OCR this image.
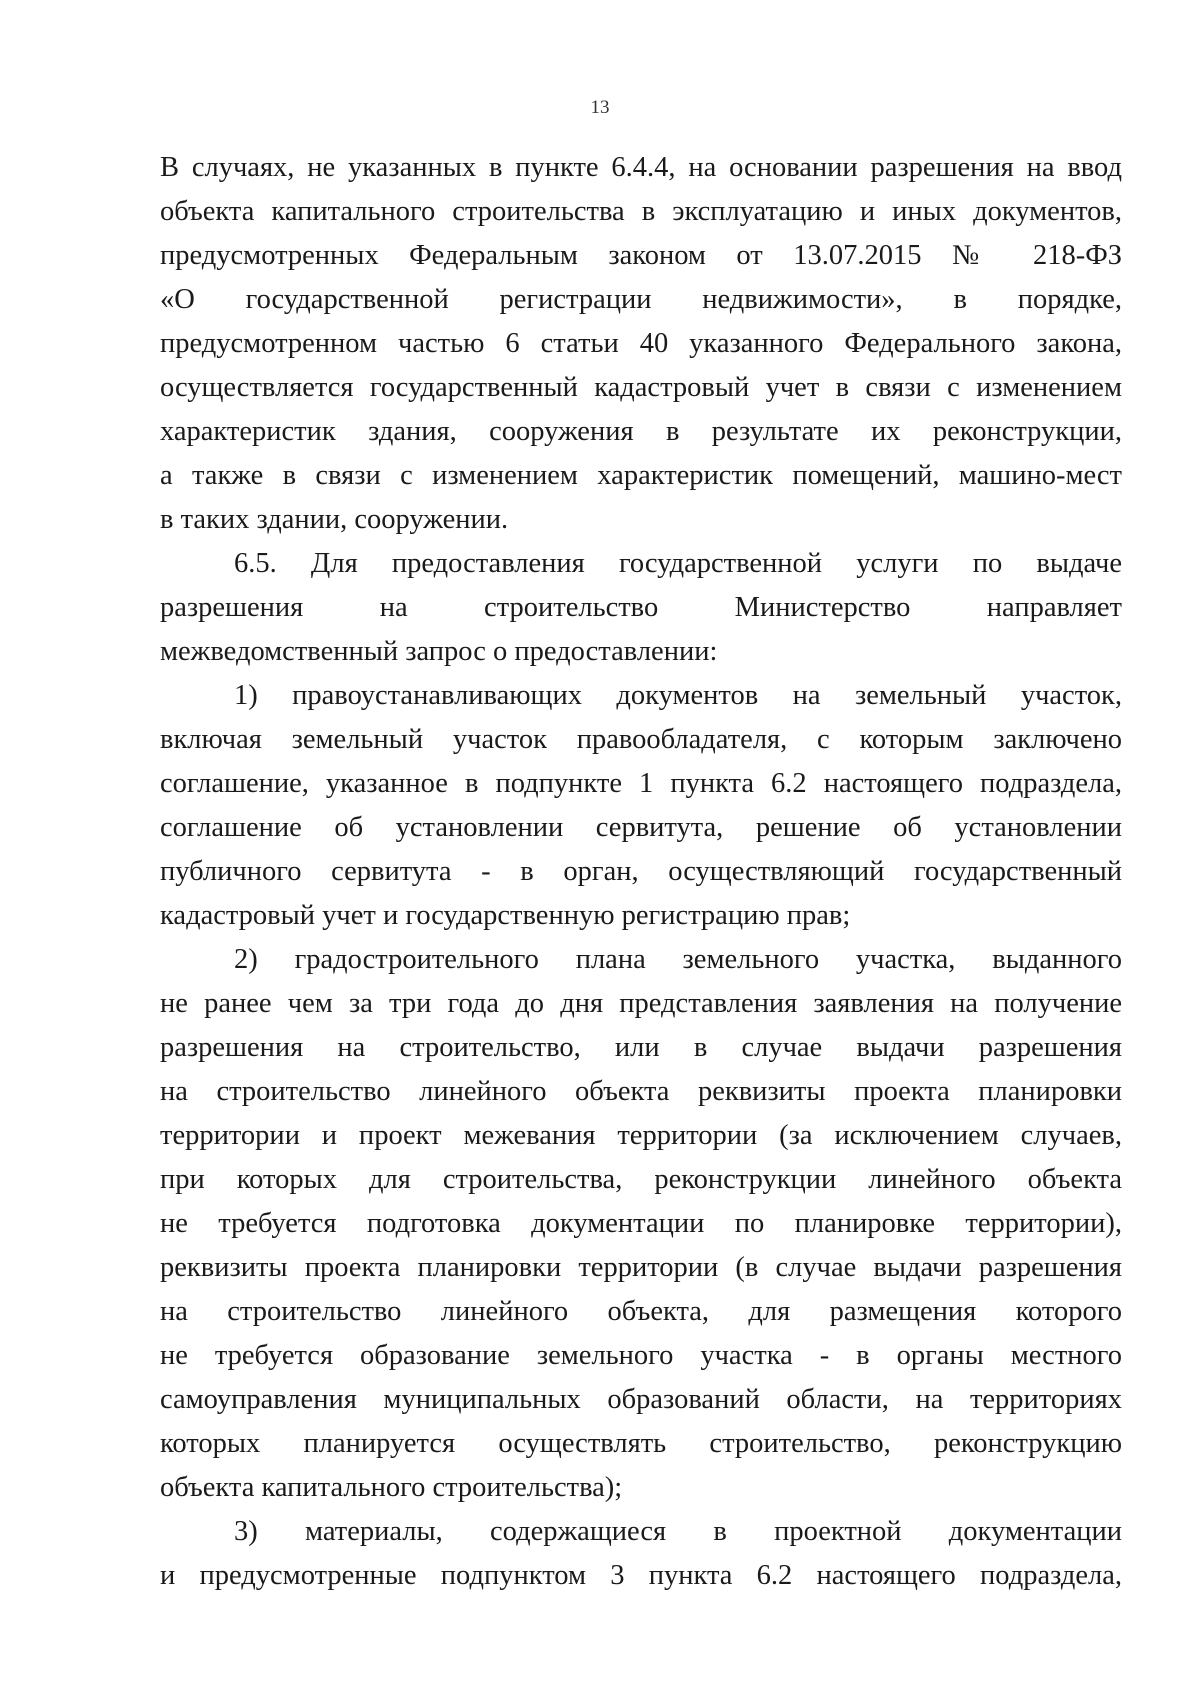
13

В случаях, не указанных в пункте 6.4.4, на основании разрешения на ввод
объекта капитального строительства в эксплуатацию и иных документов,
предусмотренных Федеральным законом от 13.07.2015 № 218-ФЗ
«О государственной регистрации недвижимости», в порядке,
предусмотренном частью 6 статьи 40 указанного Федерального закона,
осуществляется государственный кадастровый учет в связи с изменением
характеристик здания, сооружения в результате их реконструкции,
а также в связи с изменением характеристик помещений, машино-мест
в таких здании, сооружении.

6.5. Для предоставления государственной услуги по выдаче
разрешения на строительство Министерство направляет
межведомственный запрос о предоставлении:

1) правоустанавливающих документов на земельный участок,
включая земельный участок правообладателя, с которым заключено
соглашение, указанное в подпункте 1 пункта 6.2 настоящего подраздела,
соглашение об установлении сервитута, решение об установлении
публичного сервитута - в орган, осуществляющий государственный
кадастровый учет и государственную регистрацию прав;

2) градостроительного плана земельного участка, выданного
не ранее чем за три года до дня представления заявления на получение
разрешения на строительство, или в случае выдачи разрешения
на строительство линейного объекта реквизиты проекта планировки
территории и проект межевания территории (за исключением случаев,
при которых для строительства, реконструкции линейного объекта
не требуется подготовка документации по планировке территории),
реквизиты проекта планировки территории (в случае выдачи разрешения
на строительство линейного объекта, для размещения которого
не требуется образование земельного участка - в органы местного
самоуправления муниципальных образований области, на территориях
которых планируется осуществлять строительство, реконструкцию
объекта капитального строительства);

3) материалы, содержащиеся в проектной документации
и предусмотренные подпунктом 3 пункта 6.2 настоящего подраздела,
